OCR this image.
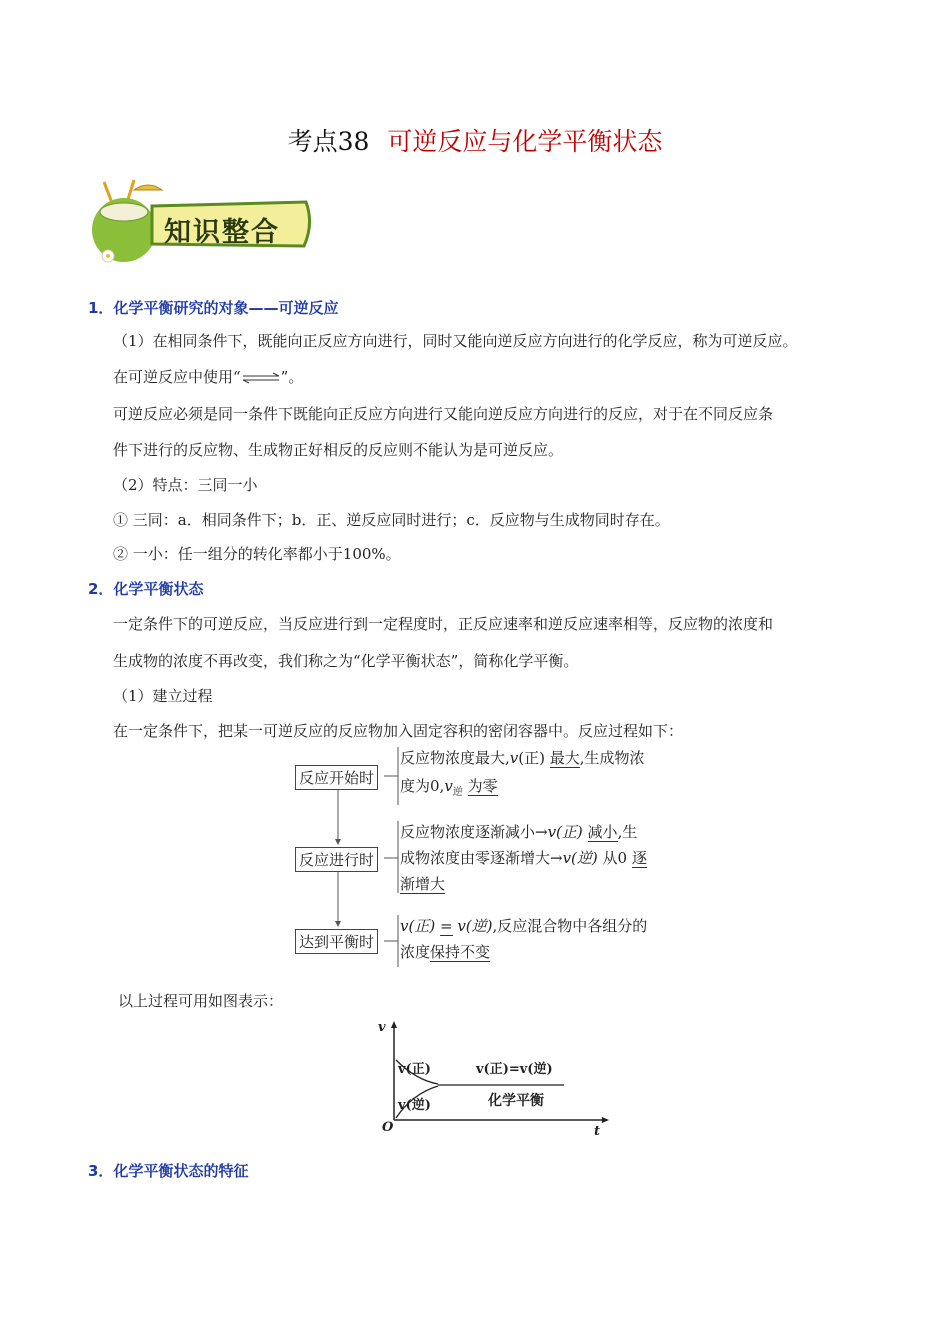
考点38 可逆反应与化学平衡状态
知识整合
1．化学平衡研究的对象——可逆反应
（1）在相同条件下，既能向正反应方向进行，同时又能向逆反应方向进行的化学反应，称为可逆反应。
在可逆反应中使用“⇌”。
可逆反应必须是同一条件下既能向正反应方向进行又能向逆反应方向进行的反应，对于在不同反应条
件下进行的反应物、生成物正好相反的反应则不能认为是可逆反应。
（2）特点：三同一小
① 三同：a．相同条件下；b．正、逆反应同时进行；c．反应物与生成物同时存在。
② 一小：任一组分的转化率都小于100%。
2．化学平衡状态
一定条件下的可逆反应，当反应进行到一定程度时，正反应速率和逆反应速率相等，反应物的浓度和
生成物的浓度不再改变，我们称之为“化学平衡状态”，简称化学平衡。
（1）建立过程
在一定条件下，把某一可逆反应的反应物加入固定容积的密闭容器中。反应过程如下：
反应开始时
反应进行时
达到平衡时
反应物浓度最大,v(正) 最大,生成物浓
度为$0,v_逆$ 为零
反应物浓度逐渐减小→v(正) 减小,生
成物浓度由零逐渐增大→v(逆) 从0 逐
渐增大
v(正) = v(逆),反应混合物中各组分的
浓度保持不变
以上过程可用如图表示：
v
t
O
v(正)
v(逆)
v(正)=v(逆)
化学平衡
3．化学平衡状态的特征
